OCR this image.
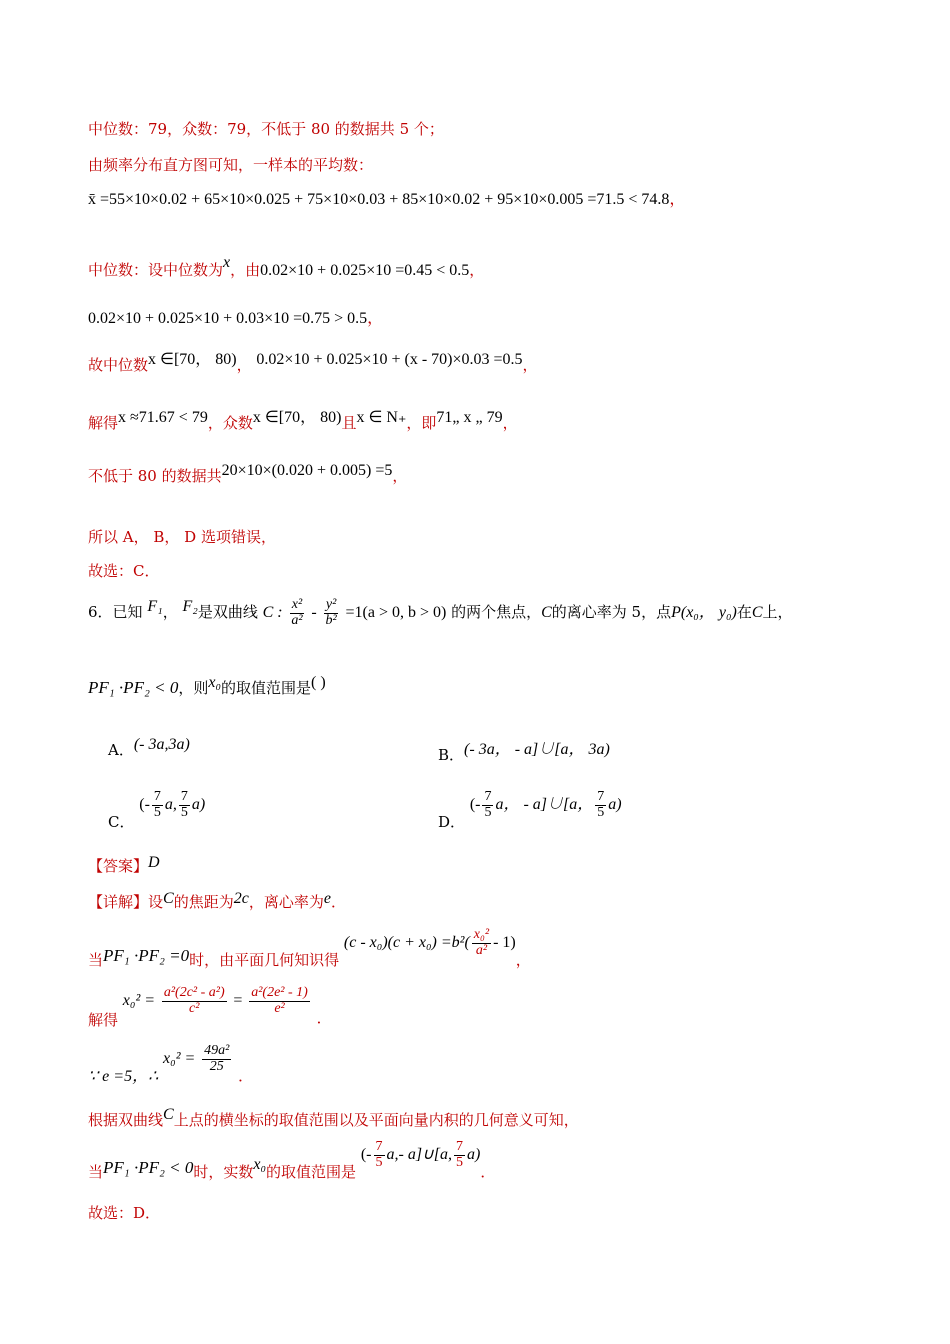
中位数：79，众数：79，不低于 80 的数据共 5 个；
由频率分布直方图可知，一样本的平均数：
x̄ =55×10×0.02 + 65×10×0.025 + 75×10×0.03 + 85×10×0.02 + 95×10×0.005 =71.5 < 74.8，
中位数：设中位数为x，由0.02×10 + 0.025×10 =0.45 < 0.5，
0.02×10 + 0.025×10 + 0.03×10 =0.75 > 0.5，
故中位数x ∈[70， 80)， 0.02×10 + 0.025×10 + (x - 70)×0.03 =0.5，
解得x ≈71.67 < 79，众数x ∈[70， 80)且x ∈ N₊，即71„ x „ 79，
不低于 80 的数据共20×10×(0.020 + 0.005) =5，
所以 A， B， D 选项错误，
故选：C．
6．已知 F₁， F₂是双曲线 C : $\frac{\text{x²}}{\text{a²}} - \frac{\text{y²}}{\text{b²}} =1(a > 0$, b > 0) 的两个焦点，C的离心率为 5，点P(x₀， y₀)在C上，
PF₁ ·PF₂ < 0，则x₀的取值范围是( )
A．(- 3a,3a)
B．(- 3a， - a]∪[a， 3a)
C． (- $\frac{7}{5} a$, $\frac{7}{5} a$)
D． (- $\frac{7}{5}$ a， - a]∪[a， $\frac{7}{5} a$)
【答案】D
【详解】设C的焦距为2c，离心率为e．
当PF₁ ·PF₂ =0时，由平面几何知识得 $(c - x_0)(c + x_0) =b^2( \frac{\text{x₀²}}{\text{a²}} - 1)$，
解得 $x_0^2 = \frac{\text{a²(2c² - a²)}}{\text{c²}} = \frac{\text{a²(2e² - 1)}}{\text{e²}}$
．
∵ e =5，∴ $x_0^2 = \frac{\text{49a²}}{25}$
．
根据双曲线C上点的横坐标的取值范围以及平面向量内积的几何意义可知，
当PF₁ ·PF₂ < 0时，实数x₀的取值范围是 (- $\frac{7}{5} a,-$ a]∪[a, $\frac{7}{5} a$)．
故选：D．
